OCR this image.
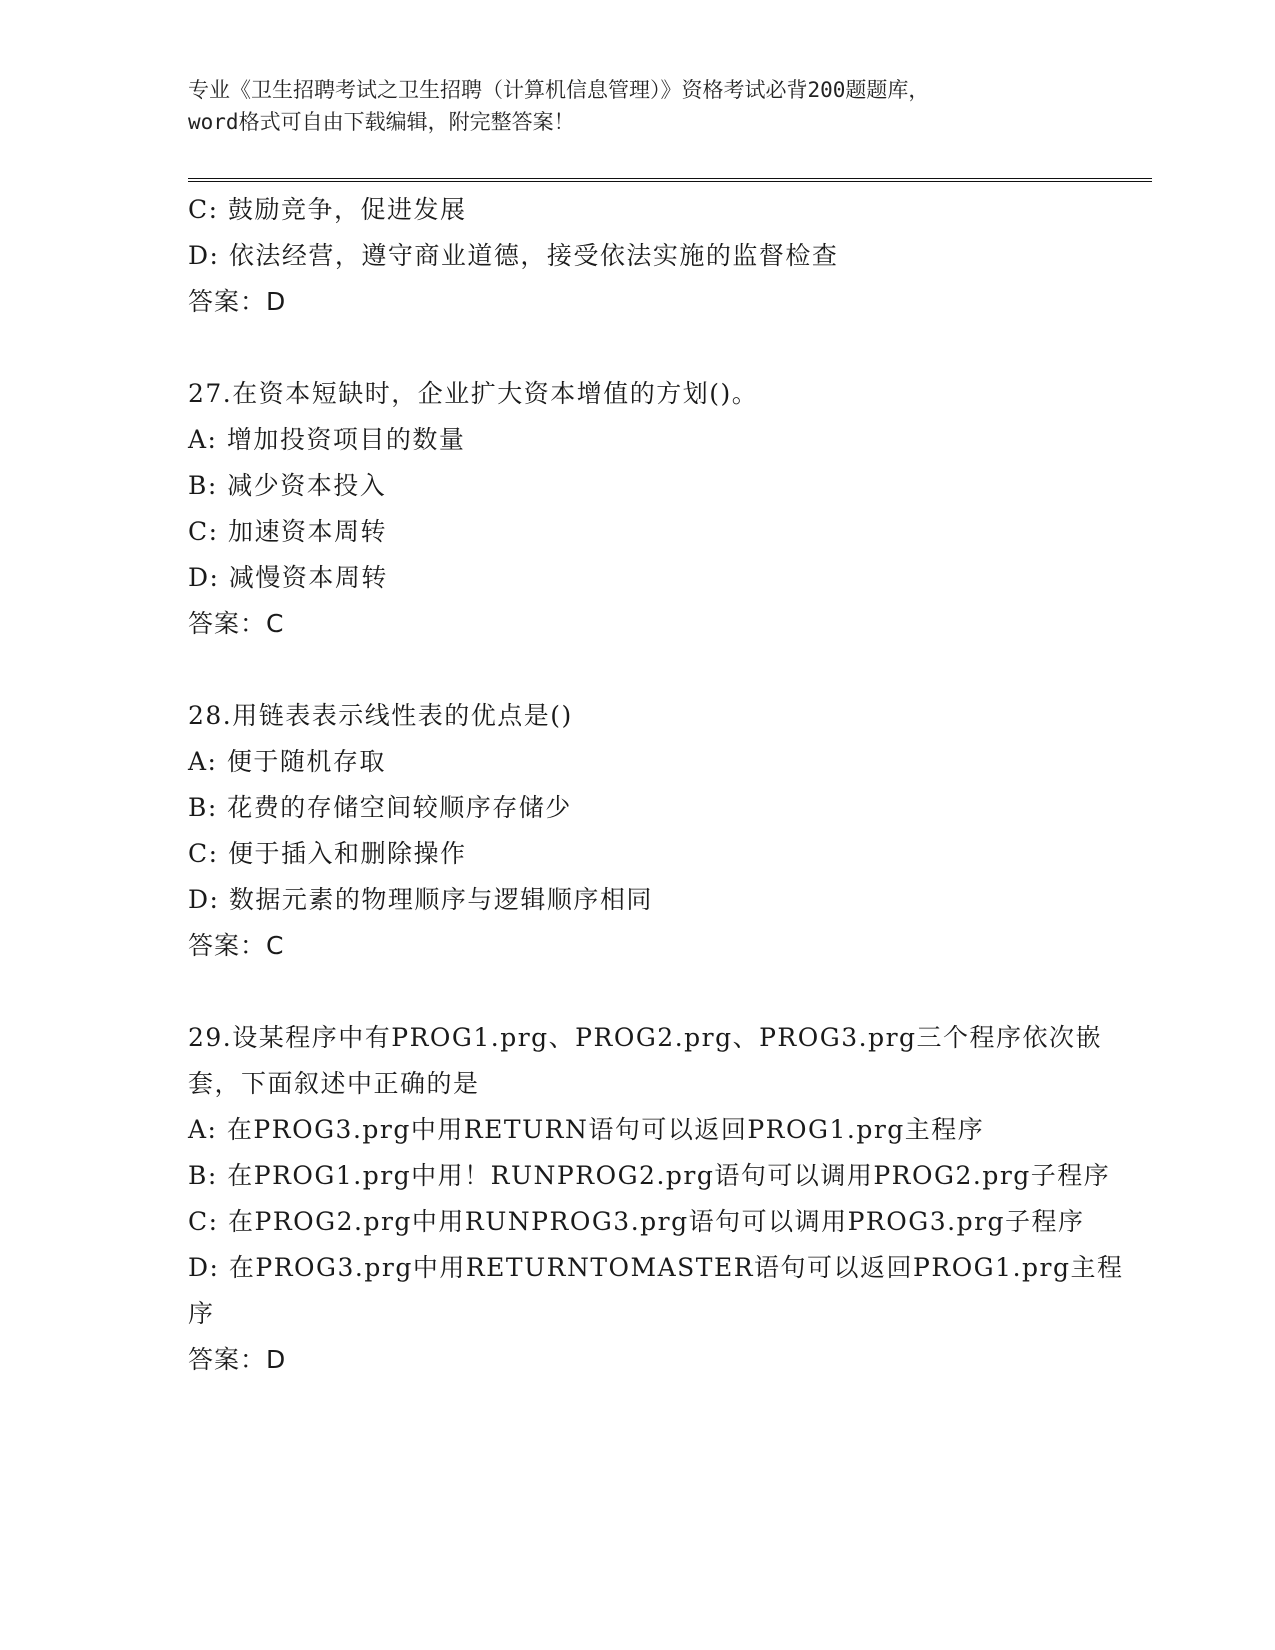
专业《卫生招聘考试之卫生招聘（计算机信息管理）》资格考试必背200题题库，
word格式可自由下载编辑，附完整答案！
C: 鼓励竞争，促进发展
D: 依法经营，遵守商业道德，接受依法实施的监督检查
答案：D
27.在资本短缺时，企业扩大资本增值的方划()。
A: 增加投资项目的数量
B: 减少资本投入
C: 加速资本周转
D: 减慢资本周转
答案：C
28.用链表表示线性表的优点是()
A: 便于随机存取
B: 花费的存储空间较顺序存储少
C: 便于插入和删除操作
D: 数据元素的物理顺序与逻辑顺序相同
答案：C
29.设某程序中有PROG1.prg、PROG2.prg、PROG3.prg三个程序依次嵌
套，下面叙述中正确的是
A: 在PROG3.prg中用RETURN语句可以返回PROG1.prg主程序
B: 在PROG1.prg中用！RUNPROG2.prg语句可以调用PROG2.prg子程序
C: 在PROG2.prg中用RUNPROG3.prg语句可以调用PROG3.prg子程序
D: 在PROG3.prg中用RETURNTOMASTER语句可以返回PROG1.prg主程
序
答案：D
